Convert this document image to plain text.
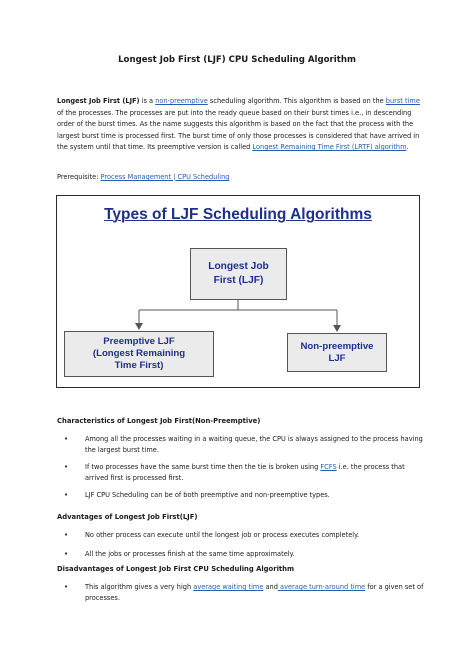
Longest Job First (LJF) CPU Scheduling Algorithm
Longest Job First (LJF) is a non-preemptive scheduling algorithm. This algorithm is based on the burst time of the processes. The processes are put into the ready queue based on their burst times i.e., in descending order of the burst times. As the name suggests this algorithm is based on the fact that the process with the largest burst time is processed first. The burst time of only those processes is considered that have arrived in the system until that time. Its preemptive version is called Longest Remaining Time First (LRTF) algorithm.
Prerequisite: Process Management | CPU Scheduling
Types of LJF Scheduling Algorithms
Longest Job
First (LJF)
Preemptive LJF
(Longest Remaining
Time First)
Non-preemptive
LJF
Characteristics of Longest Job First(Non-Preemptive)
• Among all the processes waiting in a waiting queue, the CPU is always assigned to the process having the largest burst time.
• If two processes have the same burst time then the tie is broken using FCFS i.e. the process that arrived first is processed first.
• LJF CPU Scheduling can be of both preemptive and non-preemptive types.
Advantages of Longest Job First(LJF)
• No other process can execute until the longest job or process executes completely.
• All the jobs or processes finish at the same time approximately.
Disadvantages of Longest Job First CPU Scheduling Algorithm
• This algorithm gives a very high average waiting time and average turn-around time for a given set of processes.
